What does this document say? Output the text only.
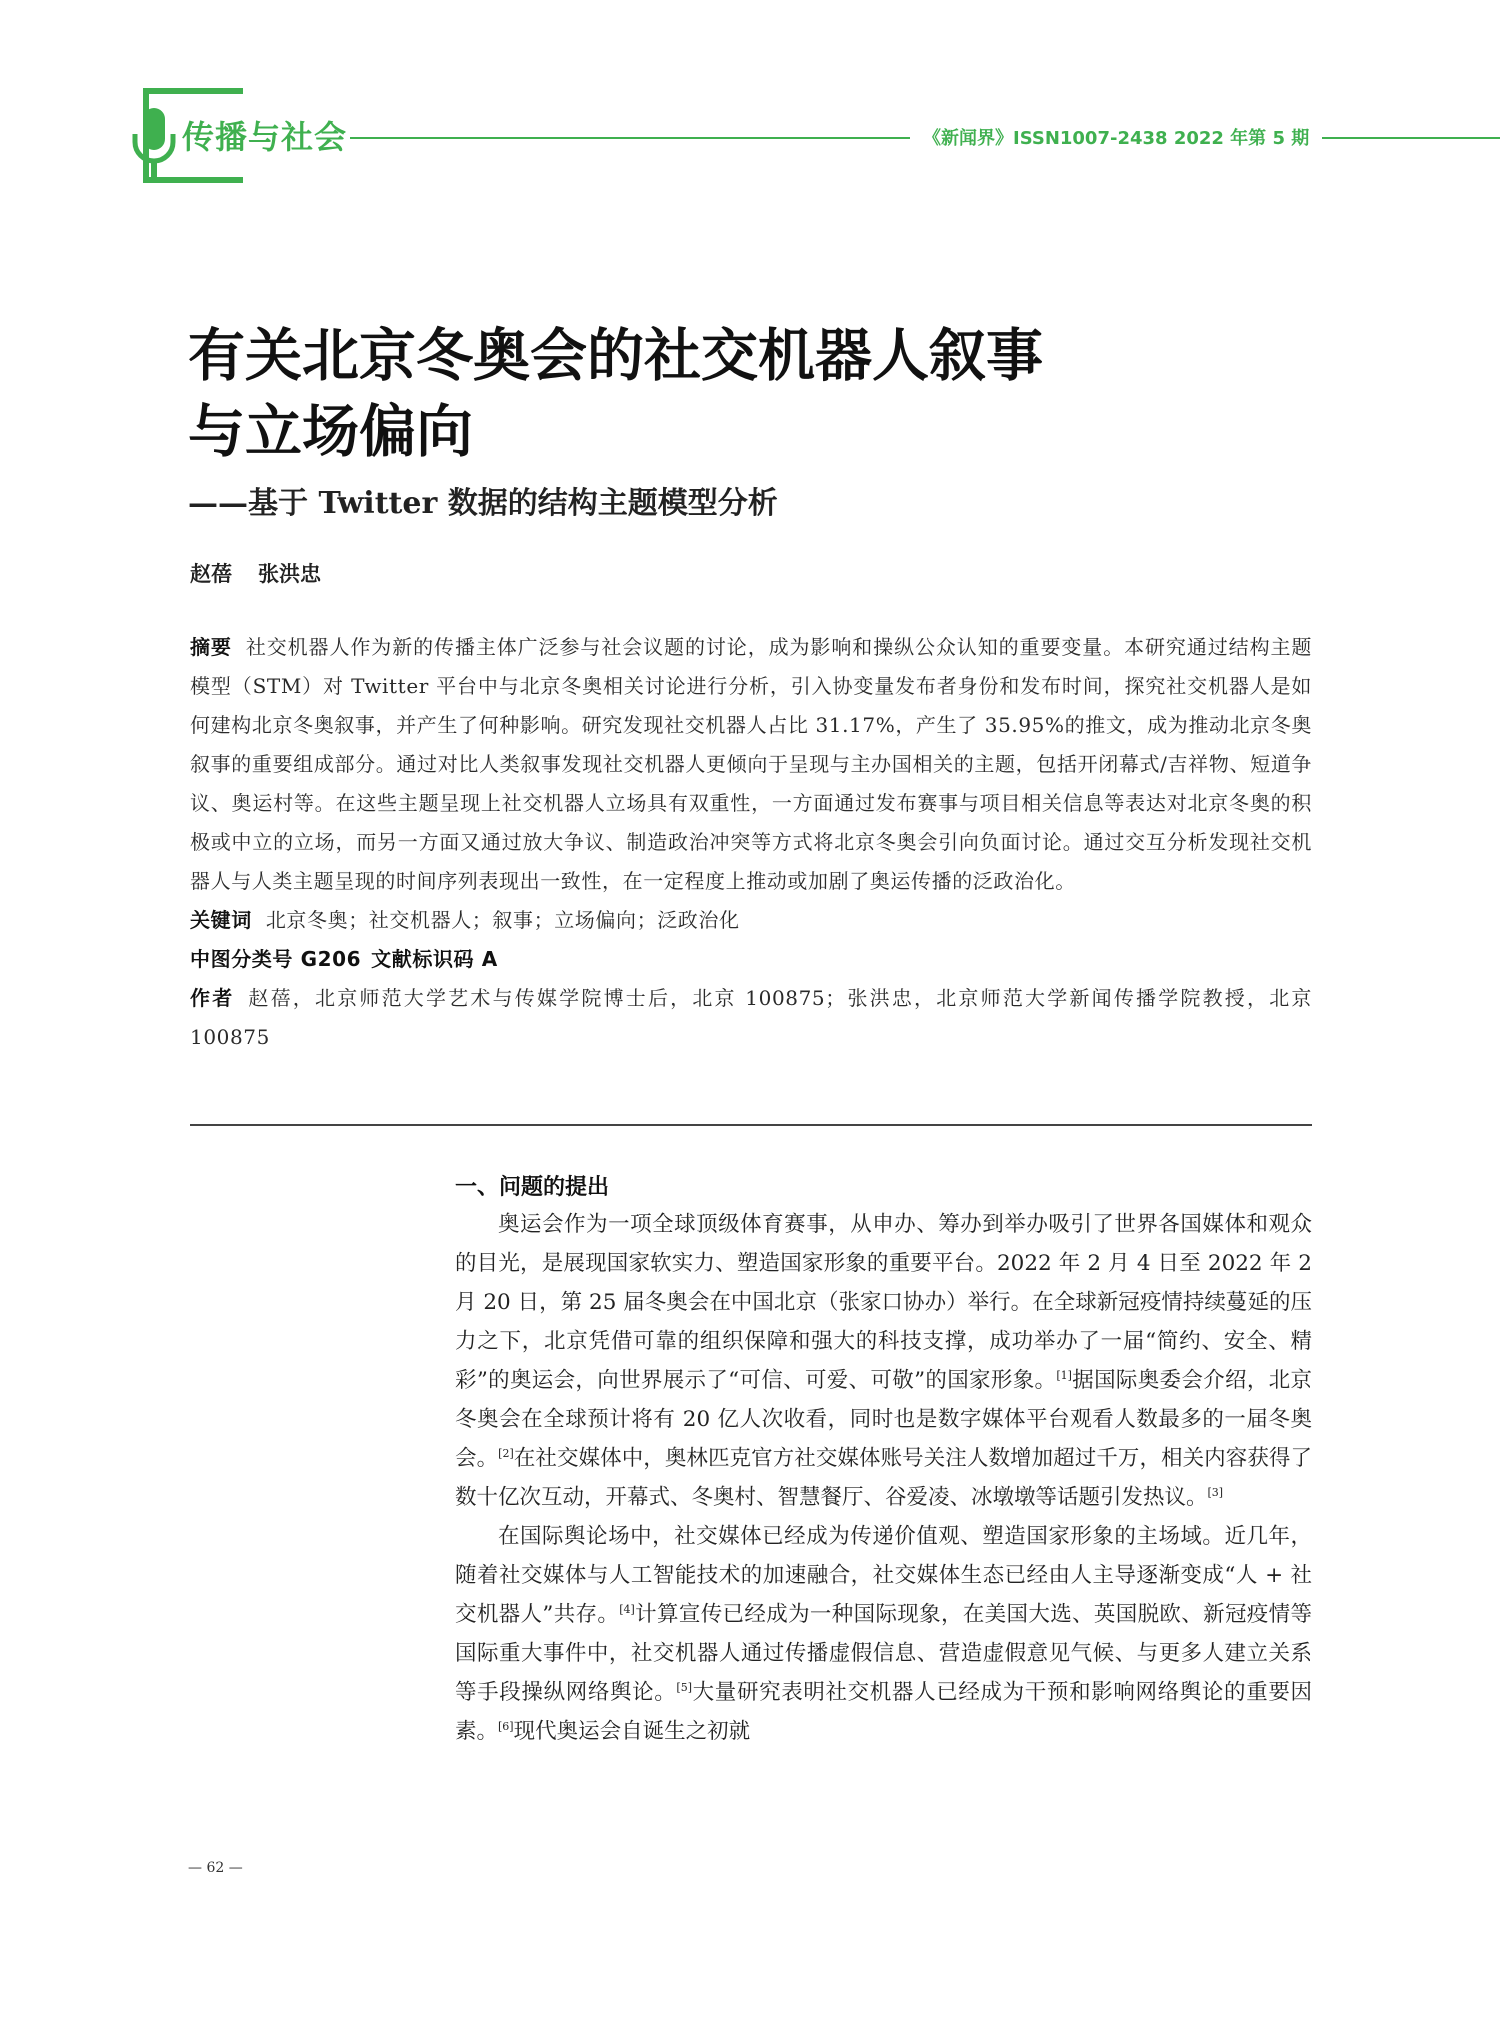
传播与社会	《新闻界》ISSN1007-2438 2022 年第 5 期
有关北京冬奥会的社交机器人叙事
与立场偏向
——基于 Twitter 数据的结构主题模型分析
赵蓓 张洪忠
摘要 社交机器人作为新的传播主体广泛参与社会议题的讨论，成为影响和操纵公众认知的重要变量。本研究通过结构主题模型（STM）对 Twitter 平台中与北京冬奥相关讨论进行分析，引入协变量发布者身份和发布时间，探究社交机器人是如何建构北京冬奥叙事，并产生了何种影响。研究发现社交机器人占比 31.17%，产生了 35.95%的推文，成为推动北京冬奥叙事的重要组成部分。通过对比人类叙事发现社交机器人更倾向于呈现与主办国相关的主题，包括开闭幕式/吉祥物、短道争议、奥运村等。在这些主题呈现上社交机器人立场具有双重性，一方面通过发布赛事与项目相关信息等表达对北京冬奥的积极或中立的立场，而另一方面又通过放大争议、制造政治冲突等方式将北京冬奥会引向负面讨论。通过交互分析发现社交机器人与人类主题呈现的时间序列表现出一致性，在一定程度上推动或加剧了奥运传播的泛政治化。
关键词 北京冬奥；社交机器人；叙事；立场偏向；泛政治化
中图分类号 G206 文献标识码 A
作者 赵蓓，北京师范大学艺术与传媒学院博士后，北京 100875；张洪忠，北京师范大学新闻传播学院教授，北京 100875
一、问题的提出

奥运会作为一项全球顶级体育赛事，从申办、筹办到举办吸引了世界各国媒体和观众的目光，是展现国家软实力、塑造国家形象的重要平台。2022 年 2 月 4 日至 2022 年 2 月 20 日，第 25 届冬奥会在中国北京（张家口协办）举行。在全球新冠疫情持续蔓延的压力之下，北京凭借可靠的组织保障和强大的科技支撑，成功举办了一届“简约、安全、精彩”的奥运会，向世界展示了“可信、可爱、可敬”的国家形象。[1]据国际奥委会介绍，北京冬奥会在全球预计将有 20 亿人次收看，同时也是数字媒体平台观看人数最多的一届冬奥会。[2]在社交媒体中，奥林匹克官方社交媒体账号关注人数增加超过千万，相关内容获得了数十亿次互动，开幕式、冬奥村、智慧餐厅、谷爱凌、冰墩墩等话题引发热议。[3]

在国际舆论场中，社交媒体已经成为传递价值观、塑造国家形象的主场域。近几年，随着社交媒体与人工智能技术的加速融合，社交媒体生态已经由人主导逐渐变成“人 + 社交机器人”共存。[4]计算宣传已经成为一种国际现象，在美国大选、英国脱欧、新冠疫情等国际重大事件中，社交机器人通过传播虚假信息、营造虚假意见气候、与更多人建立关系等手段操纵网络舆论。[5]大量研究表明社交机器人已经成为干预和影响网络舆论的重要因素。[6]现代奥运会自诞生之初就

— 62 —
